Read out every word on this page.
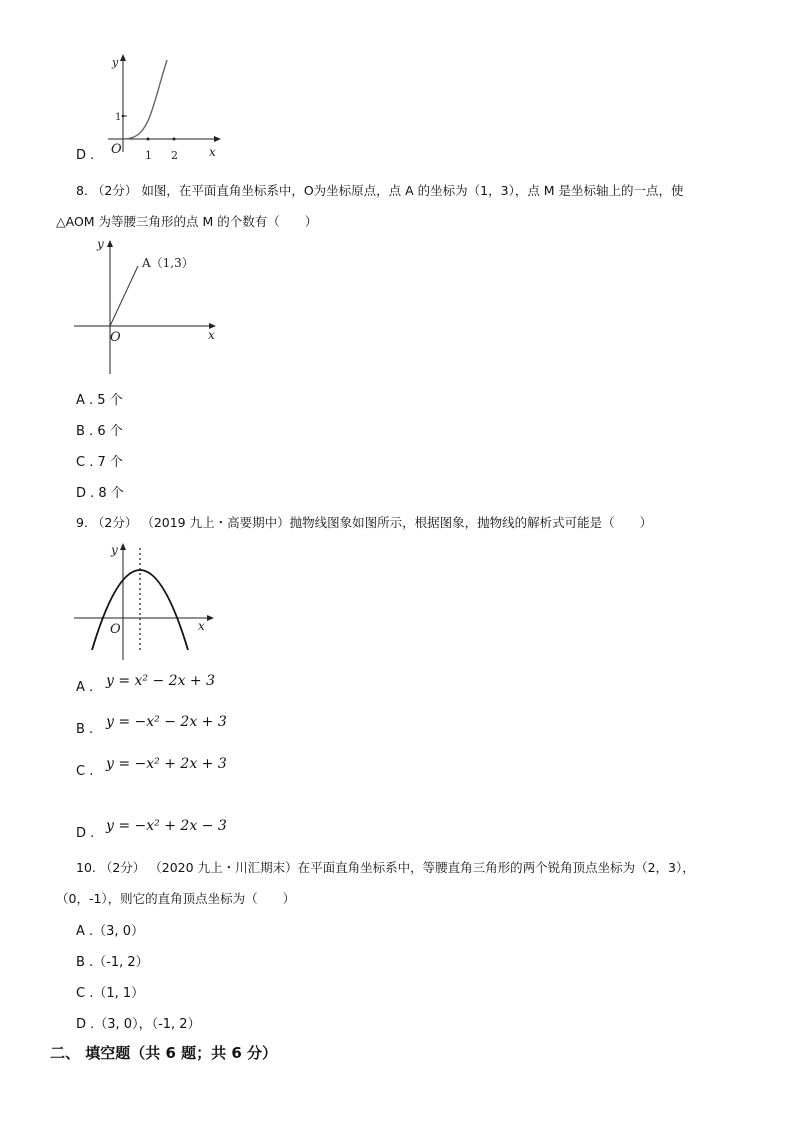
D .
y
1
O 1 2	x
8. （2分） 如图，在平面直角坐标系中，O为坐标原点，点 A 的坐标为（1，3），点 M 是坐标轴上的一点，使
△AOM 为等腰三角形的点 M 的个数有（　　）
y
A（1,3）
O	x
A . 5 个
B . 6 个
C . 7 个
D . 8 个
9. （2分） （2019 九上・高要期中）抛物线图象如图所示，根据图象，抛物线的解析式可能是（　　）
y
O	x
A . y = x² − 2x + 3
B . y = −x² − 2x + 3
C . y = −x² + 2x + 3
D . y = −x² + 2x − 3
10. （2分） （2020 九上・川汇期末）在平面直角坐标系中，等腰直角三角形的两个锐角顶点坐标为（2，3），
（0，-1），则它的直角顶点坐标为（　　）
A .（3, 0）
B .（-1, 2）
C .（1, 1）
D .（3, 0），（-1, 2）
二、 填空题（共 6 题；共 6 分）
